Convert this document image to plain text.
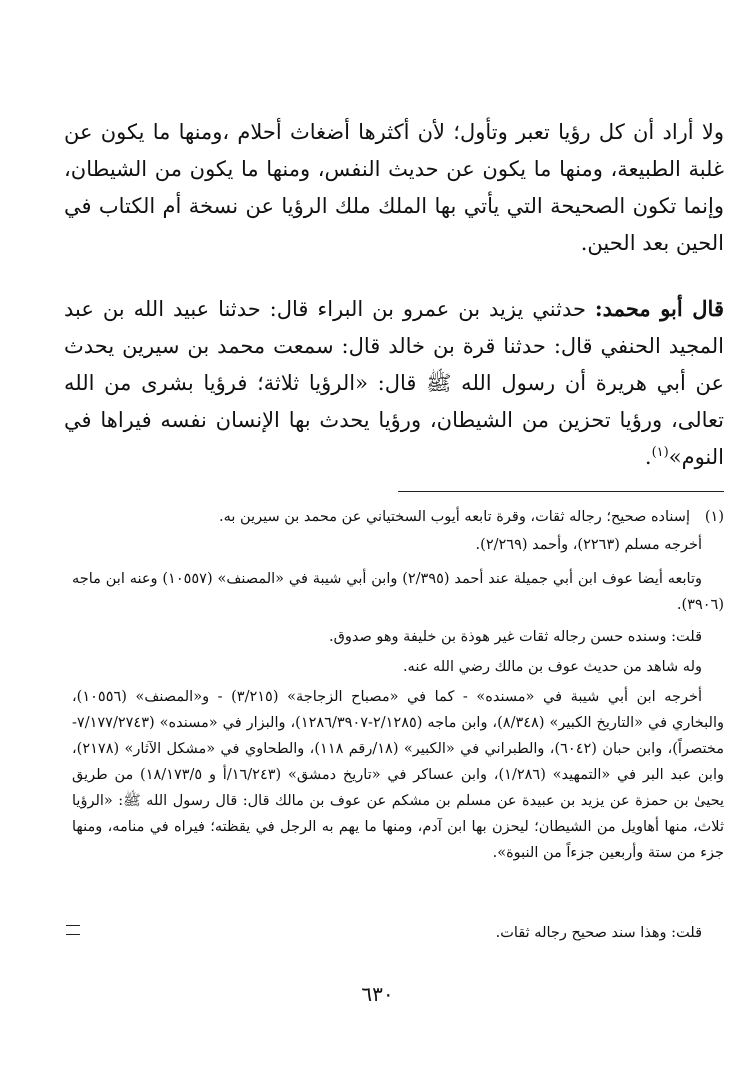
ولا أراد أن كل رؤيا تعبر وتأول؛ لأن أكثرها أضغاث أحلام ،ومنها ما يكون عن غلبة الطبيعة، ومنها ما يكون عن حديث النفس، ومنها ما يكون من الشيطان، وإنما تكون الصحيحة التي يأتي بها الملك ملك الرؤيا عن نسخة أم الكتاب في الحين بعد الحين.

قال أبو محمد: حدثني يزيد بن عمرو بن البراء قال: حدثنا عبيد الله بن عبد المجيد الحنفي قال: حدثنا قرة بن خالد قال: سمعت محمد بن سيرين يحدث عن أبي هريرة أن رسول الله ﷺ قال: «الرؤيا ثلاثة؛ فرؤيا بشرى من الله تعالى، ورؤيا تحزين من الشيطان، ورؤيا يحدث بها الإنسان نفسه فيراها في النوم»$^{(١)}$.

(١)إسناده صحيح؛ رجاله ثقات، وقرة تابعه أيوب السختياني عن محمد بن سيرين به.

أخرجه مسلم (٢٢٦٣)، وأحمد (٢/٢٦٩).

وتابعه أيضا عوف ابن أبي جميلة عند أحمد (٢/٣٩٥) وابن أبي شيبة في «المصنف» (١٠٥٥٧) وعنه ابن ماجه (٣٩٠٦).

قلت: وسنده حسن رجاله ثقات غير هوذة بن خليفة وهو صدوق.

وله شاهد من حديث عوف بن مالك رضي الله عنه.

أخرجه ابن أبي شيبة في «مسنده» - كما في «مصباح الزجاجة» (٣/٢١٥) - و«المصنف» (١٠٥٥٦)، والبخاري في «التاريخ الكبير» (٨/٣٤٨)، وابن ماجه (٢/١٢٨٥-١٢٨٦/٣٩٠٧)، والبزار في «مسنده» (٧/١٧٧/٢٧٤٣-مختصراً)، وابن حبان (٦٠٤٢)، والطبراني في «الكبير» (١٨/رقم ١١٨)، والطحاوي في «مشكل الآثار» (٢١٧٨)، وابن عبد البر في «التمهيد» (١/٢٨٦)، وابن عساكر في «تاريخ دمشق» (١٦/٢٤٣/أ و ١٨/١٧٣/٥) من طريق يحيىٰ بن حمزة عن يزيد بن عبيدة عن مسلم بن مشكم عن عوف بن مالك قال: قال رسول الله ﷺ: «الرؤيا ثلاث، منها أهاويل من الشيطان؛ ليحزن بها ابن آدم، ومنها ما يهم به الرجل في يقظته؛ فيراه في منامه، ومنها جزء من ستة وأربعين جزءاً من النبوة».

قلت: وهذا سند صحيح رجاله ثقات.

٦٣٠
